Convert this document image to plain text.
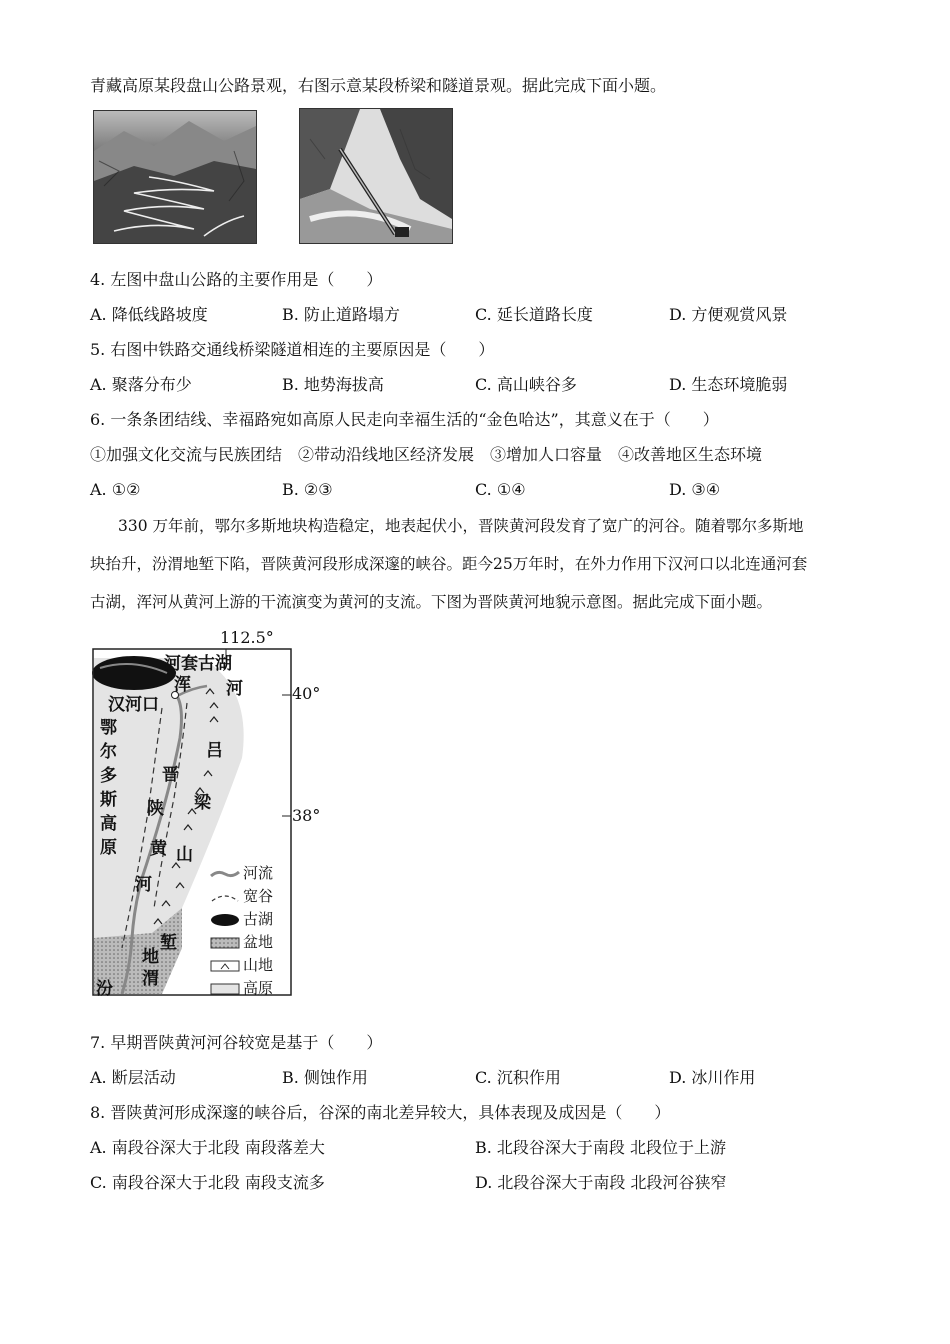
青藏高原某段盘山公路景观，右图示意某段桥梁和隧道景观。据此完成下面小题。
4. 左图中盘山公路的主要作用是（　　）
A. 降低线路坡度	B. 防止道路塌方	C. 延长道路长度	D. 方便观赏风景
5. 右图中铁路交通线桥梁隧道相连的主要原因是（　　）
A. 聚落分布少	B. 地势海拔高	C. 高山峡谷多	D. 生态环境脆弱
6. 一条条团结线、幸福路宛如高原人民走向幸福生活的“金色哈达”，其意义在于（　　）
①加强文化交流与民族团结　②带动沿线地区经济发展　③增加人口容量　④改善地区生态环境
A. ①②	B. ②③	C. ①④	D. ③④
330 万年前，鄂尔多斯地块构造稳定，地表起伏小，晋陕黄河段发育了宽广的河谷。随着鄂尔多斯地
块抬升，汾渭地堑下陷，晋陕黄河段形成深邃的峡谷。距今25万年时，在外力作用下汉河口以北连通河套
古湖，浑河从黄河上游的干流演变为黄河的支流。下图为晋陕黄河地貌示意图。据此完成下面小题。
112.5°
40°
38°
河套古湖
浑 河
汉河口
鄂
尔
多
斯
高
原
晋
陕
黄
河
吕
梁
山
堑
地
渭
汾
河流
宽谷
古湖
盆地
山地
高原
7. 早期晋陕黄河河谷较宽是基于（　　）
A. 断层活动	B. 侧蚀作用	C. 沉积作用	D. 冰川作用
8. 晋陕黄河形成深邃的峡谷后，谷深的南北差异较大，具体表现及成因是（　　）
A. 南段谷深大于北段 南段落差大	B. 北段谷深大于南段 北段位于上游
C. 南段谷深大于北段 南段支流多	D. 北段谷深大于南段 北段河谷狭窄
